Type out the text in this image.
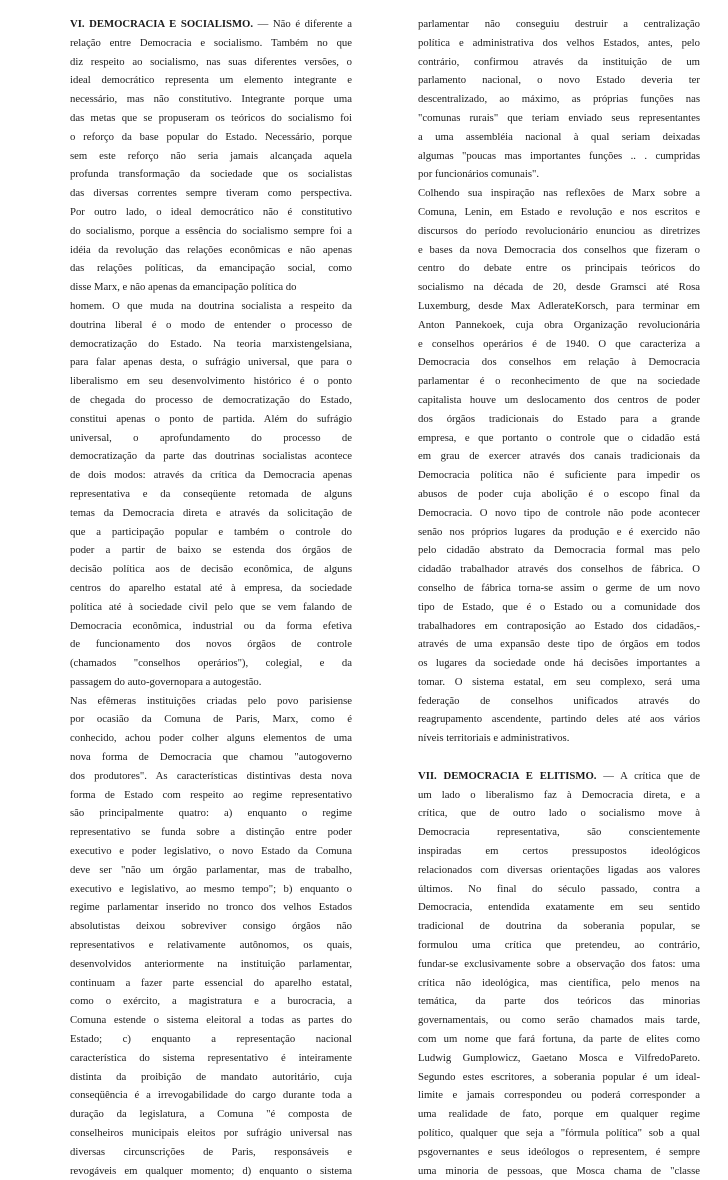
VI. DEMOCRACIA E SOCIALISMO. — Não é diferente a
relação entre Democracia e socialismo. Também no que
diz respeito ao socialismo, nas suas diferentes versões, o
ideal democrático representa um elemento integrante e
necessário, mas não constitutivo. Integrante porque uma
das metas que se propuseram os teóricos do socialismo foi
o reforço da base popular do Estado. Necessário, porque
sem este reforço não seria jamais alcançada aquela
profunda transformação da sociedade que os socialistas
das diversas correntes sempre tiveram como perspectiva.
Por outro lado, o ideal democrático não é constitutivo
do socialismo, porque a essência do socialismo sempre foi a
idéia da revolução das relações econômicas e não apenas
das relações políticas, da emancipação social, como
disse Marx, e não apenas da emancipação política do
homem. O que muda na doutrina socialista a respeito da
doutrina liberal é o modo de entender o processo de
democratização do Estado. Na teoria marxistengelsiana,
para falar apenas desta, o sufrágio universal, que para o
liberalismo em seu desenvolvimento histórico é o ponto
de chegada do processo de democratização do Estado,
constitui apenas o ponto de partida. Além do sufrágio
universal, o aprofundamento do processo de
democratização da parte das doutrinas socialistas acontece
de dois modos: através da crítica da Democracia apenas
representativa e da conseqüente retomada de alguns
temas da Democracia direta e através da solicitação de
que a participação popular e também o controle do
poder a partir de baixo se estenda dos órgãos de
decisão política aos de decisão econômica, de alguns
centros do aparelho estatal até à empresa, da sociedade
política até à sociedade civil pelo que se vem falando de
Democracia econômica, industrial ou da forma efetiva
de funcionamento dos novos órgãos de controle
(chamados "conselhos operários"), colegial, e da
passagem do auto-governopara a autogestão.
Nas efêmeras instituições criadas pelo povo parisiense
por ocasião da Comuna de Paris, Marx, como é
conhecido, achou poder colher alguns elementos de uma
nova forma de Democracia que chamou "autogoverno
dos produtores". As características distintivas desta nova
forma de Estado com respeito ao regime representativo
são principalmente quatro: a) enquanto o regime
representativo se funda sobre a distinção entre poder
executivo e poder legislativo, o novo Estado da Comuna
deve ser "não um órgão parlamentar, mas de trabalho,
executivo e legislativo, ao mesmo tempo"; b) enquanto o
regime parlamentar inserido no tronco dos velhos Estados
absolutistas deixou sobreviver consigo órgãos não
representativos e relativamente autônomos, os quais,
desenvolvidos anteriormente na instituição parlamentar,
continuam a fazer parte essencial do aparelho estatal,
como o exército, a magistratura e a burocracia, a
Comuna estende o sistema eleitoral a todas as partes do
Estado; c) enquanto a representação nacional
característica do sistema representativo é inteiramente
distinta da proibição de mandato autoritário, cuja
conseqüência é a irrevogabilidade do cargo durante toda a
duração da legislatura, a Comuna "é composta de
conselheiros municipais eleitos por sufrágio universal nas
diversas circunscrições de Paris, responsáveis e
revogáveis em qualquer momento; d) enquanto o sistema
parlamentar não conseguiu destruir a centralização
política e administrativa dos velhos Estados, antes, pelo
contrário, confirmou através da instituição de um
parlamento nacional, o novo Estado deveria ter
descentralizado, ao máximo, as próprias funções nas
"comunas rurais" que teriam enviado seus representantes
a uma assembléia nacional à qual seriam deixadas
algumas "poucas mas importantes funções .. . cumpridas
por funcionários comunais".
Colhendo sua inspiração nas reflexões de Marx sobre a
Comuna, Lenin, em Estado e revolução e nos escritos e
discursos do período revolucionário enunciou as diretrizes
e bases da nova Democracia dos conselhos que fizeram o
centro do debate entre os principais teóricos do
socialismo na década de 20, desde Gramsci até Rosa
Luxemburg, desde Max AdlerateKorsch, para terminar em
Anton Pannekoek, cuja obra Organização revolucionária
e conselhos operários é de 1940. O que caracteriza a
Democracia dos conselhos em relação à Democracia
parlamentar é o reconhecimento de que na sociedade
capitalista houve um deslocamento dos centros de poder
dos órgãos tradicionais do Estado para a grande
empresa, e que portanto o controle que o cidadão está
em grau de exercer através dos canais tradicionais da
Democracia política não é suficiente para impedir os
abusos de poder cuja abolição é o escopo final da
Democracia. O novo tipo de controle não pode acontecer
senão nos próprios lugares da produção e é exercido não
pelo cidadão abstrato da Democracia formal mas pelo
cidadão trabalhador através dos conselhos de fábrica. O
conselho de fábrica torna-se assim o germe de um novo
tipo de Estado, que é o Estado ou a comunidade dos
trabalhadores em contraposição ao Estado dos cidadãos,-
através de uma expansão deste tipo de órgãos em todos
os lugares da sociedade onde há decisões importantes a
tomar. O sistema estatal, em seu complexo, será uma
federação de conselhos unificados através do
reagrupamento ascendente, partindo deles até aos vários
níveis territoriais e administrativos.
VII. DEMOCRACIA E ELITISMO. — A crítica que de
um lado o liberalismo faz à Democracia direta, e a
crítica, que de outro lado o socialismo move à
Democracia representativa, são conscientemente
inspiradas em certos pressupostos ideológicos
relacionados com diversas orientações ligadas aos valores
últimos. No final do século passado, contra a
Democracia, entendida exatamente em seu sentido
tradicional de doutrina da soberania popular, se
formulou uma crítica que pretendeu, ao contrário,
fundar-se exclusivamente sobre a observação dos fatos: uma
crítica não ideológica, mas científica, pelo menos na
temática, da parte dos teóricos das minorias
governamentais, ou como serão chamados mais tarde,
com um nome que fará fortuna, da parte de elites como
Ludwig Gumplowicz, Gaetano Mosca e VilfredoPareto.
Segundo estes escritores, a soberania popular é um ideal-
limite e jamais correspondeu ou poderá corresponder a
uma realidade de fato, porque em qualquer regime
político, qualquer que seja a "fórmula política" sob a qual
psgovernantes e seus ideólogos o representem, é sempre
uma minoria de pessoas, que Mosca chama de "classe
